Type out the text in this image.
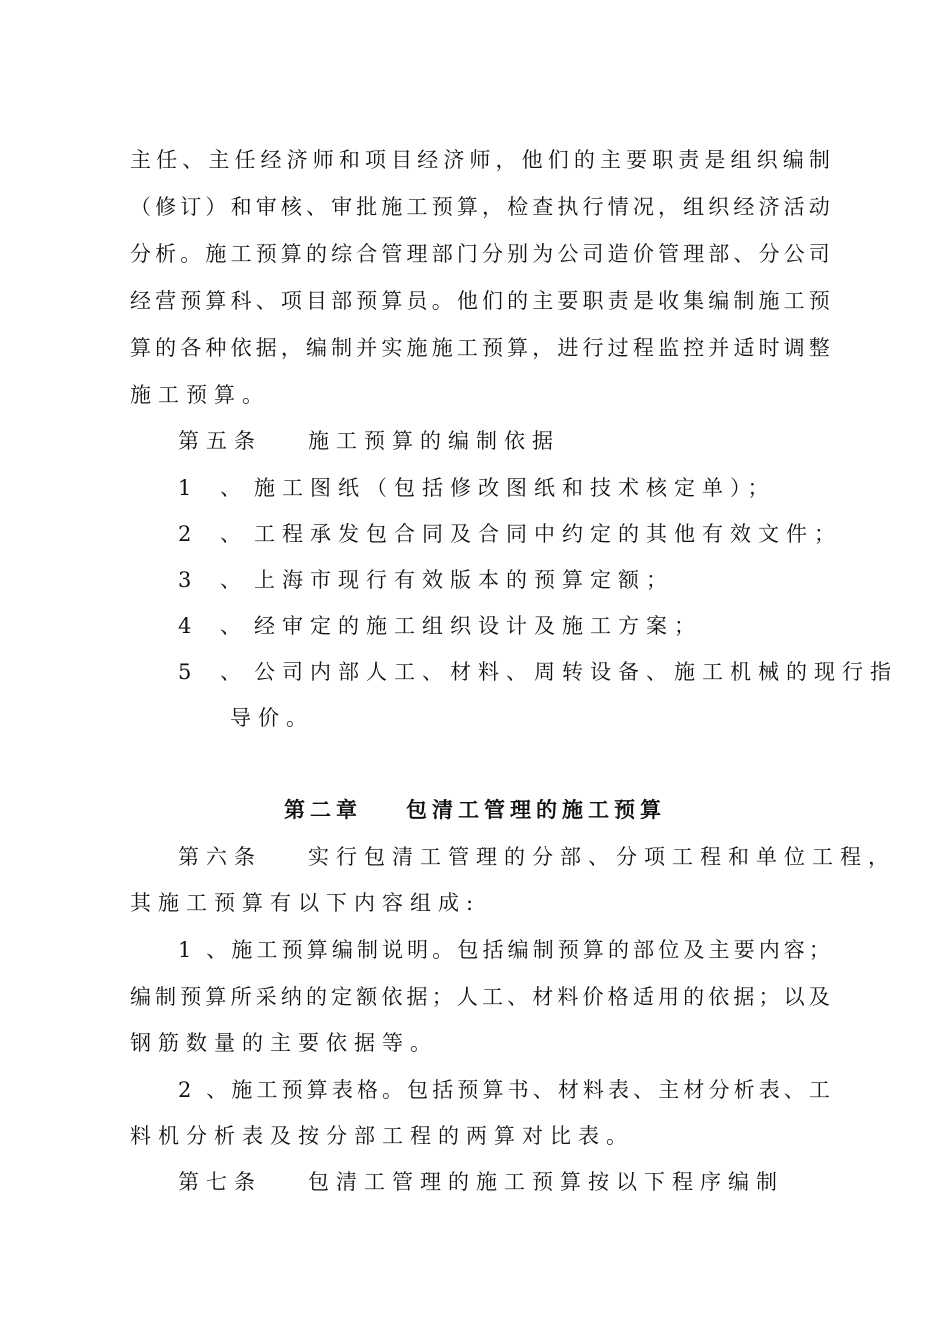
主 任 、 主 任 经 济 师 和 项 目 经 济 师 ， 他 们 的 主 要 职 责 是 组 织 编 制
（ 修 订 ） 和 审 核 、 审 批 施 工 预 算 ， 检 查 执 行 情 况 ， 组 织 经 济 活 动
分 析 。 施 工 预 算 的 综 合 管 理 部 门 分 别 为 公 司 造 价 管 理 部 、 分 公 司
经 营 预 算 科 、 项 目 部 预 算 员 。 他 们 的 主 要 职 责 是 收 集 编 制 施 工 预
算 的 各 种 依 据 ， 编 制 并 实 施 施 工 预 算 ， 进 行 过 程 监 控 并 适 时 调 整
施工预算。
第五条 施工预算的编制依据
1 、 施工图纸（包括修改图纸和技术核定单）；
2 、 工程承发包合同及合同中约定的其他有效文件；
3 、 上海市现行有效版本的预算定额；
4 、 经审定的施工组织设计及施工方案；
5 、 公司内部人工、材料、周转设备、施工机械的现行指
导价。
第二章 包清工管理的施工预算
第六条 实行包清工管理的分部、分项工程和单位工程，
其施工预算有以下内容组成:
1
、 施 工 预 算 编 制 说 明 。 包 括 编 制 预 算 的 部 位 及 主 要 内 容 ；
编 制 预 算 所 采 纳 的 定 额 依 据 ； 人 工 、 材 料 价 格 适 用 的 依 据 ； 以 及
钢筋数量的主要依据等。
2
、 施 工 预 算 表 格 。 包 括 预 算 书 、 材 料 表 、 主 材 分 析 表 、 工
料机分析表及按分部工程的两算对比表。
第七条 包清工管理的施工预算按以下程序编制
